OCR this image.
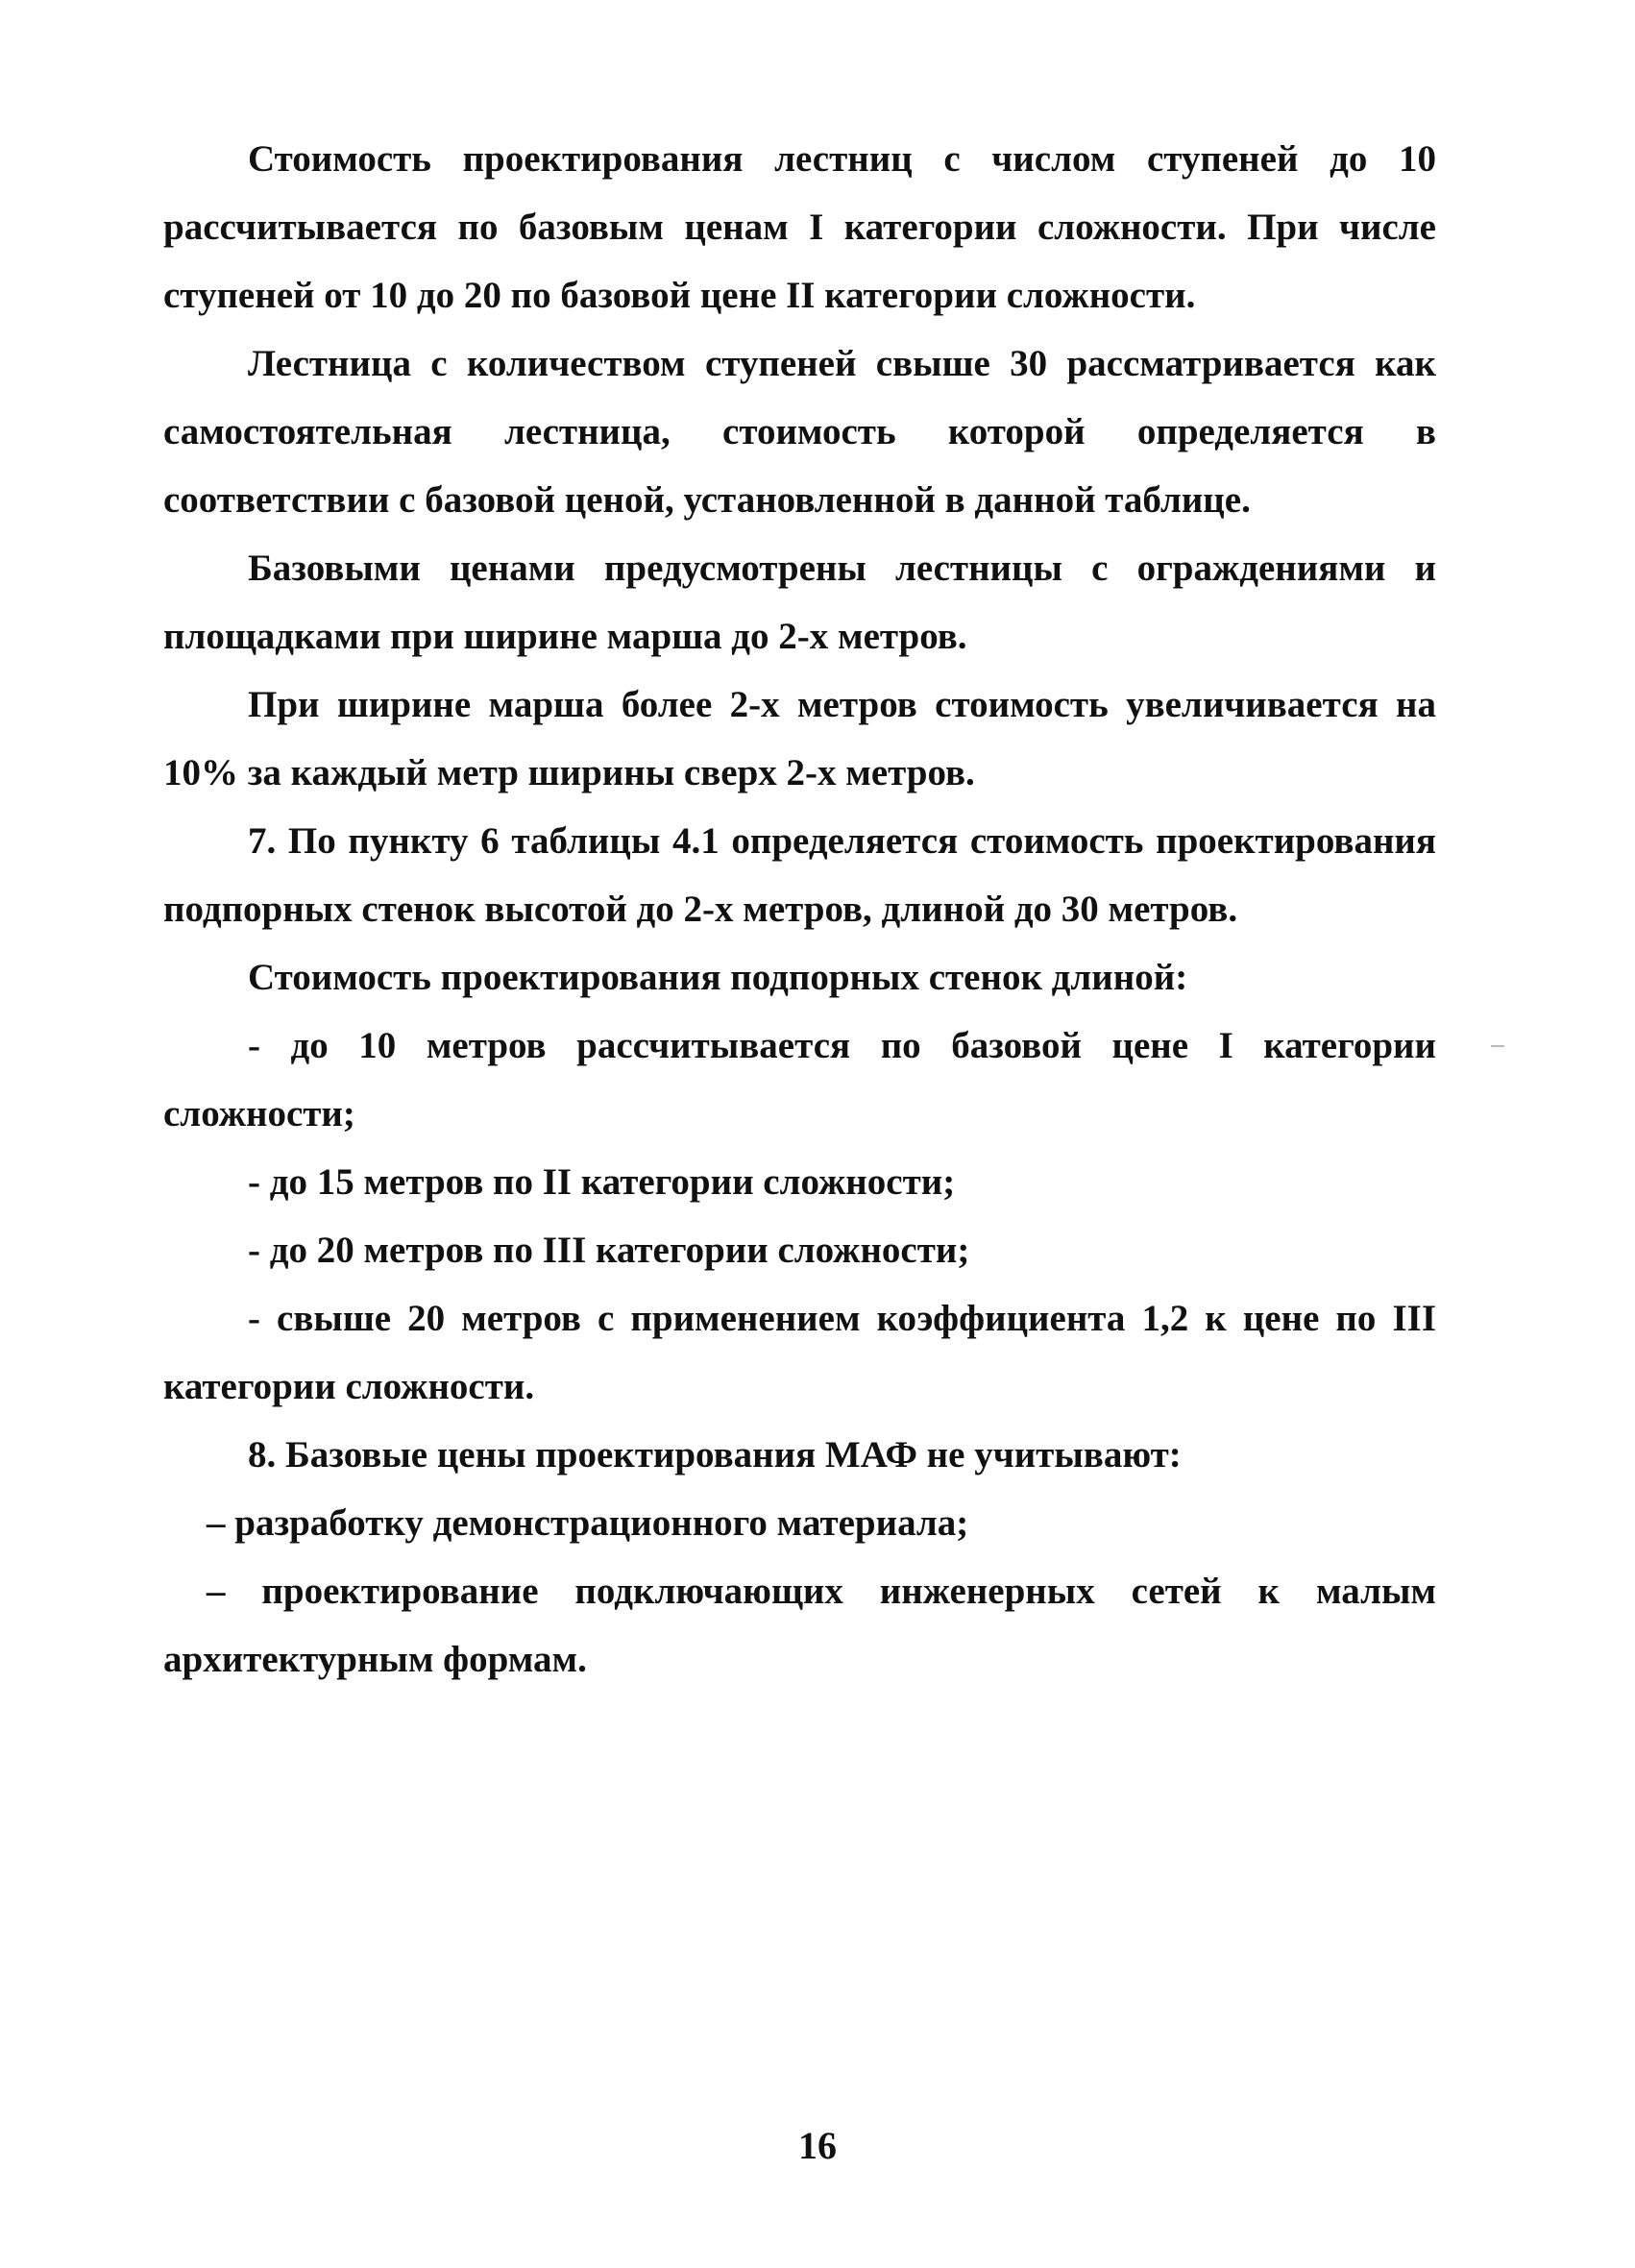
Стоимость проектирования лестниц с числом ступеней до 10 рассчитывается по базовым ценам I категории сложности. При числе ступеней от 10 до 20 по базовой цене II категории сложности.

Лестница с количеством ступеней свыше 30 рассматривается как самостоятельная лестница, стоимость которой определяется в соответствии с базовой ценой, установленной в данной таблице.

Базовыми ценами предусмотрены лестницы с ограждениями и площадками при ширине марша до 2-х метров.

При ширине марша более 2-х метров стоимость увеличивается на 10% за каждый метр ширины сверх 2-х метров.

7. По пункту 6 таблицы 4.1 определяется стоимость проектирования подпорных стенок высотой до 2-х метров, длиной до 30 метров.

Стоимость проектирования подпорных стенок длиной:

- до 10 метров рассчитывается по базовой цене I категории сложности;

- до 15 метров по II категории сложности;

- до 20 метров по III категории сложности;

- свыше 20 метров с применением коэффициента 1,2 к цене по III категории сложности.

8. Базовые цены проектирования МАФ не учитывают:

– разработку демонстрационного материала;

– проектирование подключающих инженерных сетей к малым архитектурным формам.

16
